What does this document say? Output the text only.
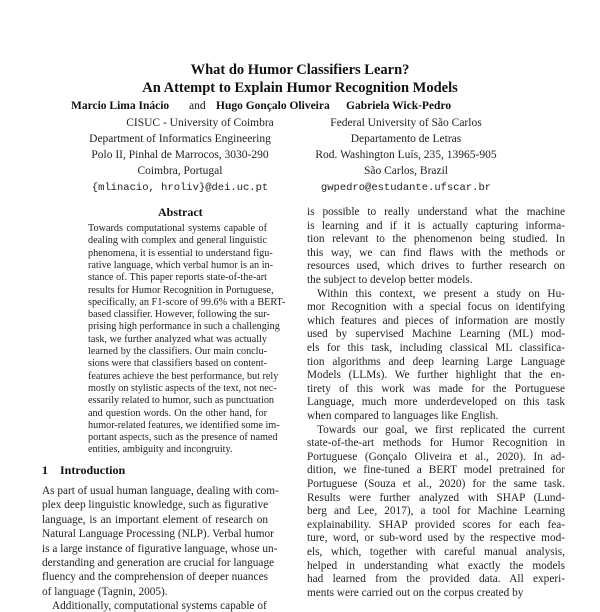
What do Humor Classifiers Learn?
An Attempt to Explain Humor Recognition Models
Marcio Lima Inácio and Hugo Gonçalo Oliveira Gabriela Wick-Pedro
CISUC - University of Coimbra
Department of Informatics Engineering
Polo II, Pinhal de Marrocos, 3030-290
Coimbra, Portugal
{mlinacio, hroliv}@dei.uc.pt
Federal University of São Carlos
Departamento de Letras
Rod. Washington Luís, 235, 13965-905
São Carlos, Brazil
gwpedro@estudante.ufscar.br
Abstract
Towards computational systems capable of
dealing with complex and general linguistic
phenomena, it is essential to understand figu-
rative language, which verbal humor is an in-
stance of. This paper reports state-of-the-art
results for Humor Recognition in Portuguese,
specifically, an F1-score of 99.6% with a BERT-
based classifier. However, following the sur-
prising high performance in such a challenging
task, we further analyzed what was actually
learned by the classifiers. Our main conclu-
sions were that classifiers based on content-
features achieve the best performance, but rely
mostly on stylistic aspects of the text, not nec-
essarily related to humor, such as punctuation
and question words. On the other hand, for
humor-related features, we identified some im-
portant aspects, such as the presence of named
entities, ambiguity and incongruity.
1 Introduction
As part of usual human language, dealing with com-
plex deep linguistic knowledge, such as figurative
language, is an important element of research on
Natural Language Processing (NLP). Verbal humor
is a large instance of figurative language, whose un-
derstanding and generation are crucial for language
fluency and the comprehension of deeper nuances
of language (Tagnin, 2005).
Additionally, computational systems capable of
is possible to really understand what the machine
is learning and if it is actually capturing informa-
tion relevant to the phenomenon being studied. In
this way, we can find flaws with the methods or
resources used, which drives to further research on
the subject to develop better models.
Within this context, we present a study on Hu-
mor Recognition with a special focus on identifying
which features and pieces of information are mostly
used by supervised Machine Learning (ML) mod-
els for this task, including classical ML classifica-
tion algorithms and deep learning Large Language
Models (LLMs). We further highlight that the en-
tirety of this work was made for the Portuguese
Language, much more underdeveloped on this task
when compared to languages like English.
Towards our goal, we first replicated the current
state-of-the-art methods for Humor Recognition in
Portuguese (Gonçalo Oliveira et al., 2020). In ad-
dition, we fine-tuned a BERT model pretrained for
Portuguese (Souza et al., 2020) for the same task.
Results were further analyzed with SHAP (Lund-
berg and Lee, 2017), a tool for Machine Learning
explainability. SHAP provided scores for each fea-
ture, word, or sub-word used by the respective mod-
els, which, together with careful manual analysis,
helped in understanding what exactly the models
had learned from the provided data. All experi-
ments were carried out on the corpus created by
